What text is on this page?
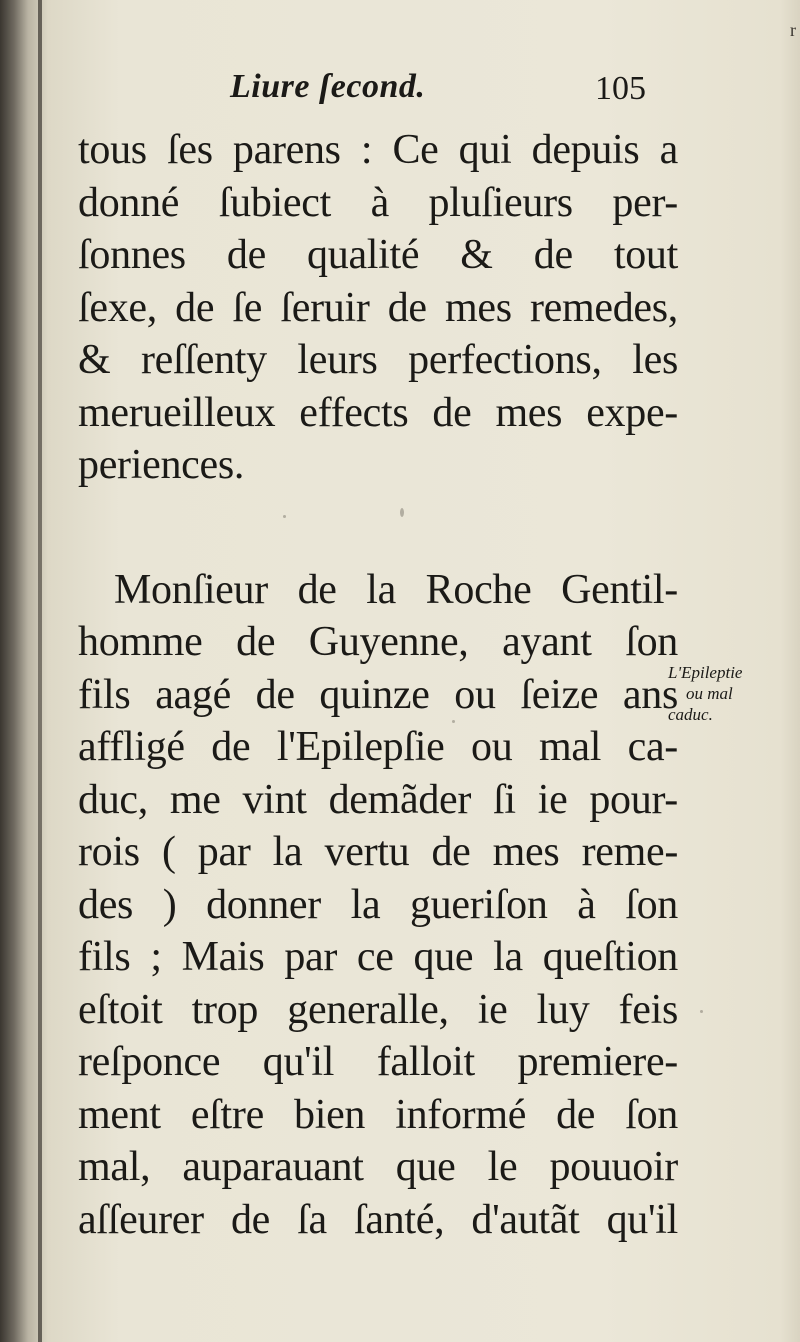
r
Liure ſecond.	105
tous ſes parens : Ce qui depuis a
donné ſubiect à pluſieurs per-
ſonnes de qualité & de tout
ſexe, de ſe ſeruir de mes remedes,
& reſſenty leurs perfections, les
merueilleux effects de mes expe-
periences.
Monſieur de la Roche Gentil-
homme de Guyenne, ayant ſon
fils aagé de quinze ou ſeize ans
affligé de l'Epilepſie ou mal ca-
duc, me vint demãder ſi ie pour-
rois ( par la vertu de mes reme-
des ) donner la gueriſon à ſon
fils ; Mais par ce que la queſtion
eſtoit trop generalle, ie luy feis
reſponce qu'il falloit premiere-
ment eſtre bien informé de ſon
mal, auparauant que le pouuoir
aſſeurer de ſa ſanté, d'autãt qu'il
L'Epileptie
ou mal
caduc.
